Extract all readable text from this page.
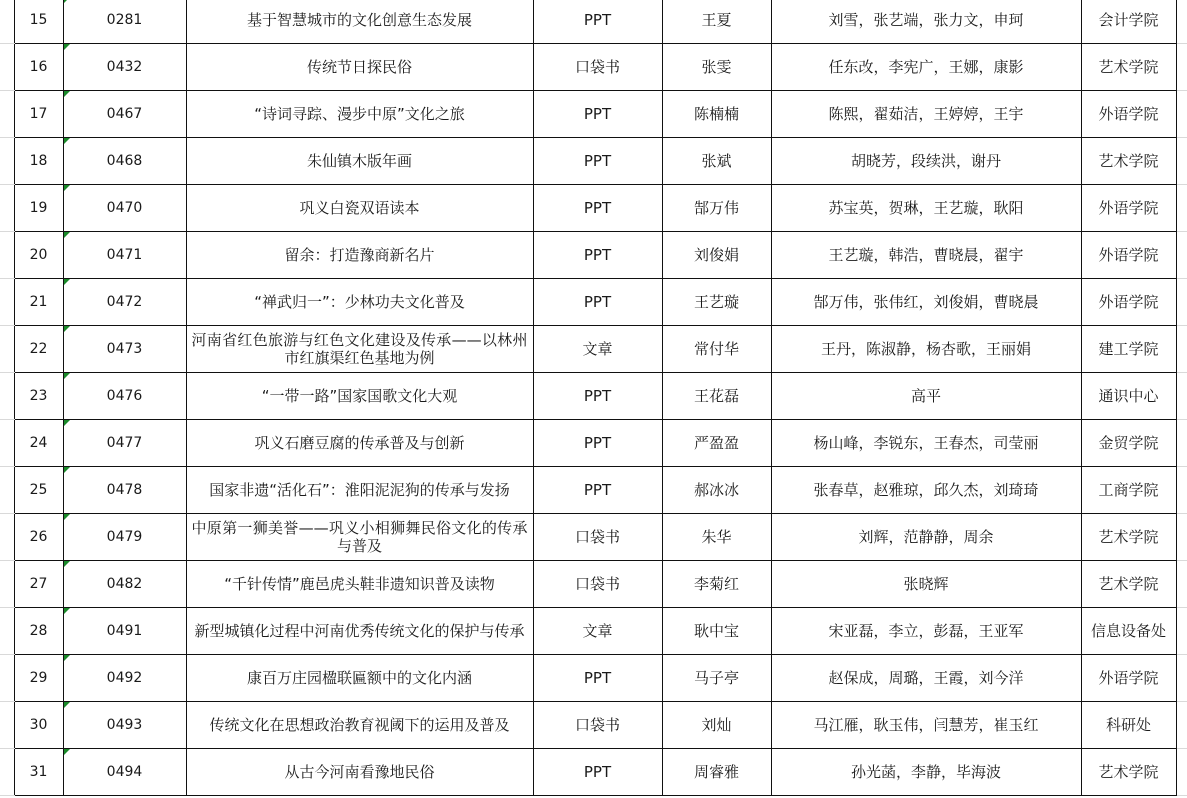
	15	0281	基于智慧城市的文化创意生态发展	PPT	王夏	刘雪，张艺端，张力文，申珂	会计学院	
	16	0432	传统节日探民俗	口袋书	张雯	任东改，李宪广，王娜，康影	艺术学院	
	17	0467	“诗词寻踪、漫步中原”文化之旅	PPT	陈楠楠	陈熙，翟茹洁，王婷婷，王宇	外语学院	
	18	0468	朱仙镇木版年画	PPT	张斌	胡晓芳，段续洪，谢丹	艺术学院	
	19	0470	巩义白瓷双语读本	PPT	郜万伟	苏宝英，贺琳，王艺璇，耿阳	外语学院	
	20	0471	留余：打造豫商新名片	PPT	刘俊娟	王艺璇，韩浩，曹晓晨，翟宇	外语学院	
	21	0472	“禅武归一”：少林功夫文化普及	PPT	王艺璇	郜万伟，张伟红，刘俊娟，曹晓晨	外语学院	
	22	0473	河南省红色旅游与红色文化建设及传承——以林州市红旗渠红色基地为例	文章	常付华	王丹，陈淑静，杨杏歌，王丽娟	建工学院	
	23	0476	“一带一路”国家国歌文化大观	PPT	王花磊	高平	通识中心	
	24	0477	巩义石磨豆腐的传承普及与创新	PPT	严盈盈	杨山峰，李锐东，王春杰，司莹丽	金贸学院	
	25	0478	国家非遗“活化石”：淮阳泥泥狗的传承与发扬	PPT	郝冰冰	张春草，赵雅琼，邱久杰，刘琦琦	工商学院	
	26	0479	中原第一狮美誉——巩义小相狮舞民俗文化的传承与普及	口袋书	朱华	刘辉，范静静，周余	艺术学院	
	27	0482	“千针传情”鹿邑虎头鞋非遗知识普及读物	口袋书	李菊红	张晓辉	艺术学院	
	28	0491	新型城镇化过程中河南优秀传统文化的保护与传承	文章	耿中宝	宋亚磊，李立，彭磊，王亚军	信息设备处	
	29	0492	康百万庄园楹联匾额中的文化内涵	PPT	马子亭	赵保成，周璐，王霞，刘今洋	外语学院	
	30	0493	传统文化在思想政治教育视阈下的运用及普及	口袋书	刘灿	马江雁，耿玉伟，闫慧芳，崔玉红	科研处	
	31	0494	从古今河南看豫地民俗	PPT	周睿雅	孙光菡，李静，毕海波	艺术学院	
